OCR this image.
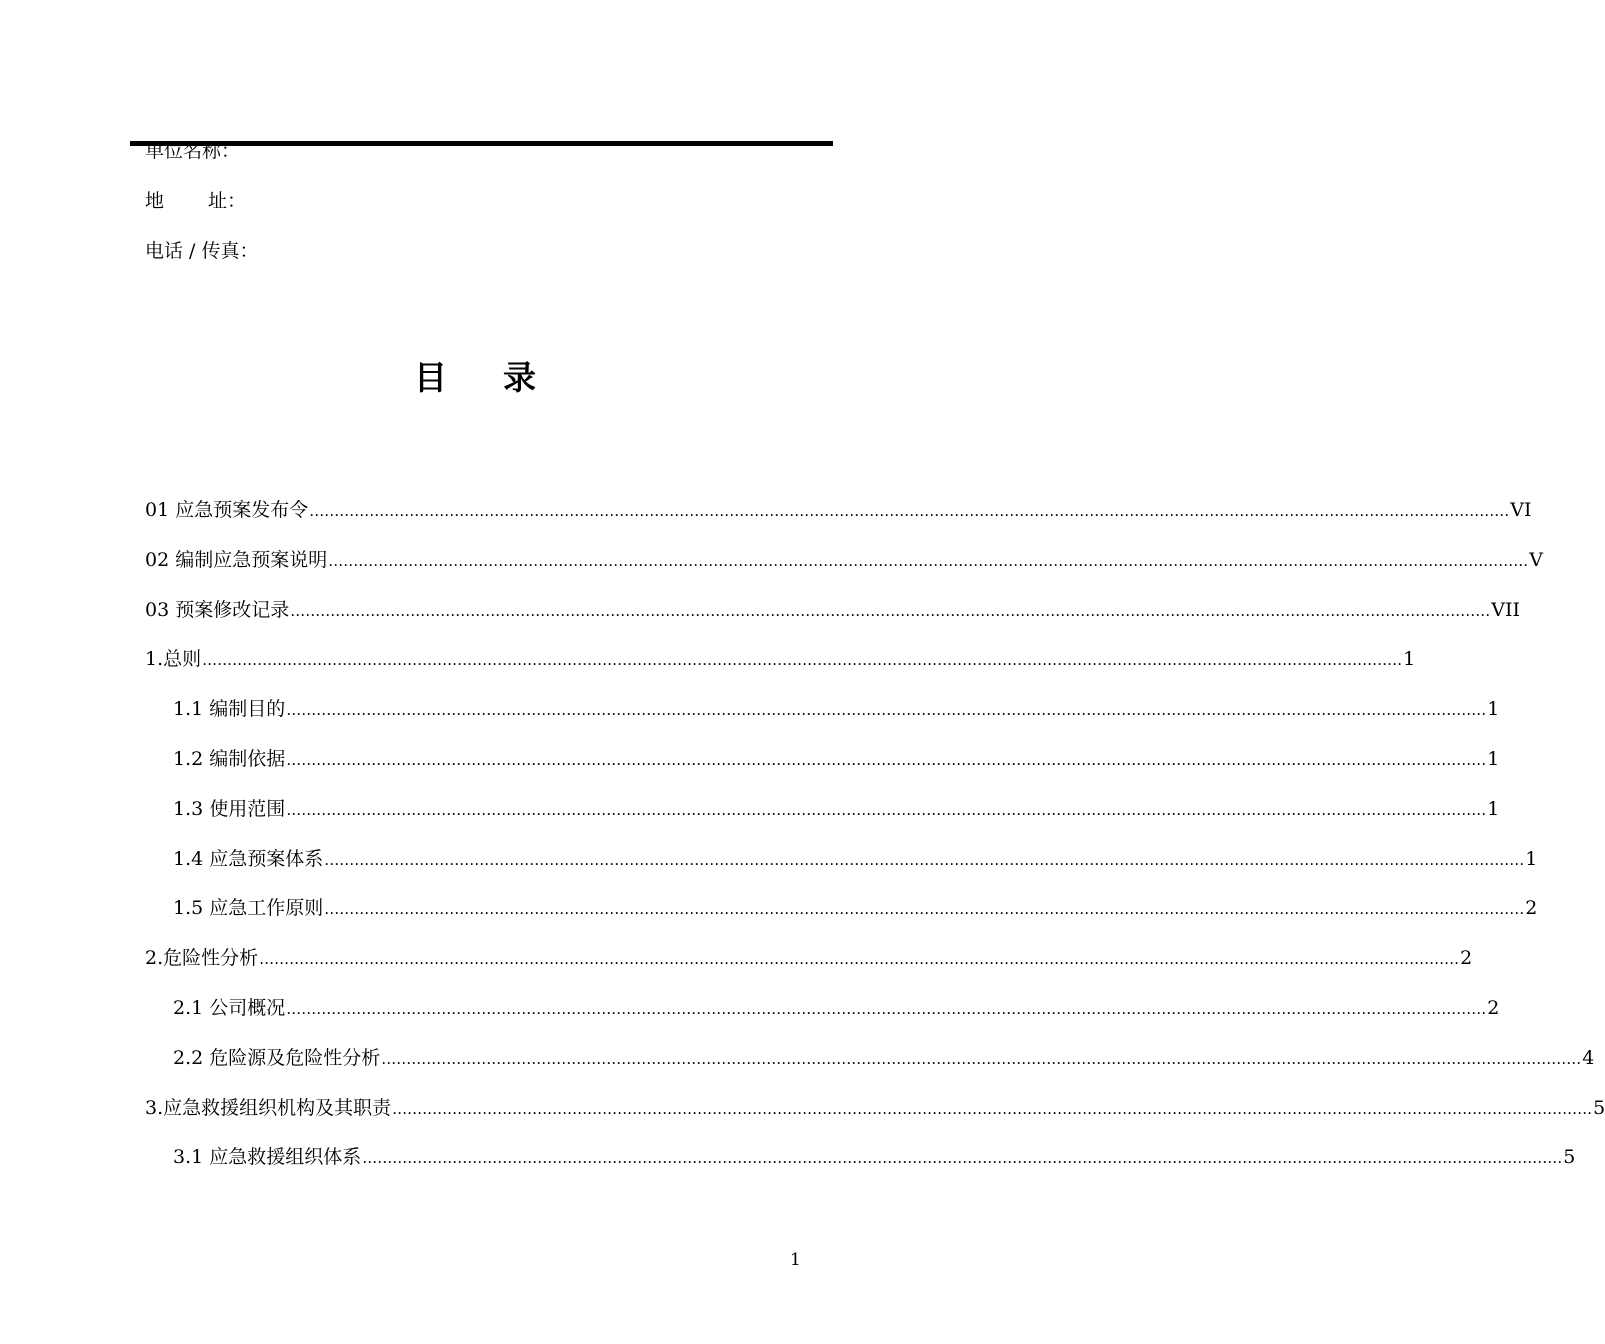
单位名称：
地 址：
电话 / 传真：
目 录
01 应急预案发布令 …………………………………………………………………………………………………………………………………………………………………………………………………………………… VI
02 编制应急预案说明 …………………………………………………………………………………………………………………………………………………………………………………………………………………… V
03 预案修改记录 …………………………………………………………………………………………………………………………………………………………………………………………………………………… VII
1.总则 …………………………………………………………………………………………………………………………………………………………………………………………………………………… 1
1.1 编制目的 …………………………………………………………………………………………………………………………………………………………………………………………………………………… 1
1.2 编制依据 …………………………………………………………………………………………………………………………………………………………………………………………………………………… 1
1.3 使用范围 …………………………………………………………………………………………………………………………………………………………………………………………………………………… 1
1.4 应急预案体系 …………………………………………………………………………………………………………………………………………………………………………………………………………………… 1
1.5 应急工作原则 …………………………………………………………………………………………………………………………………………………………………………………………………………………… 2
2.危险性分析 …………………………………………………………………………………………………………………………………………………………………………………………………………………… 2
2.1 公司概况 …………………………………………………………………………………………………………………………………………………………………………………………………………………… 2
2.2 危险源及危险性分析 …………………………………………………………………………………………………………………………………………………………………………………………………………………… 4
3.应急救援组织机构及其职责 …………………………………………………………………………………………………………………………………………………………………………………………………………………… 5
3.1 应急救援组织体系 …………………………………………………………………………………………………………………………………………………………………………………………………………………… 5
1
